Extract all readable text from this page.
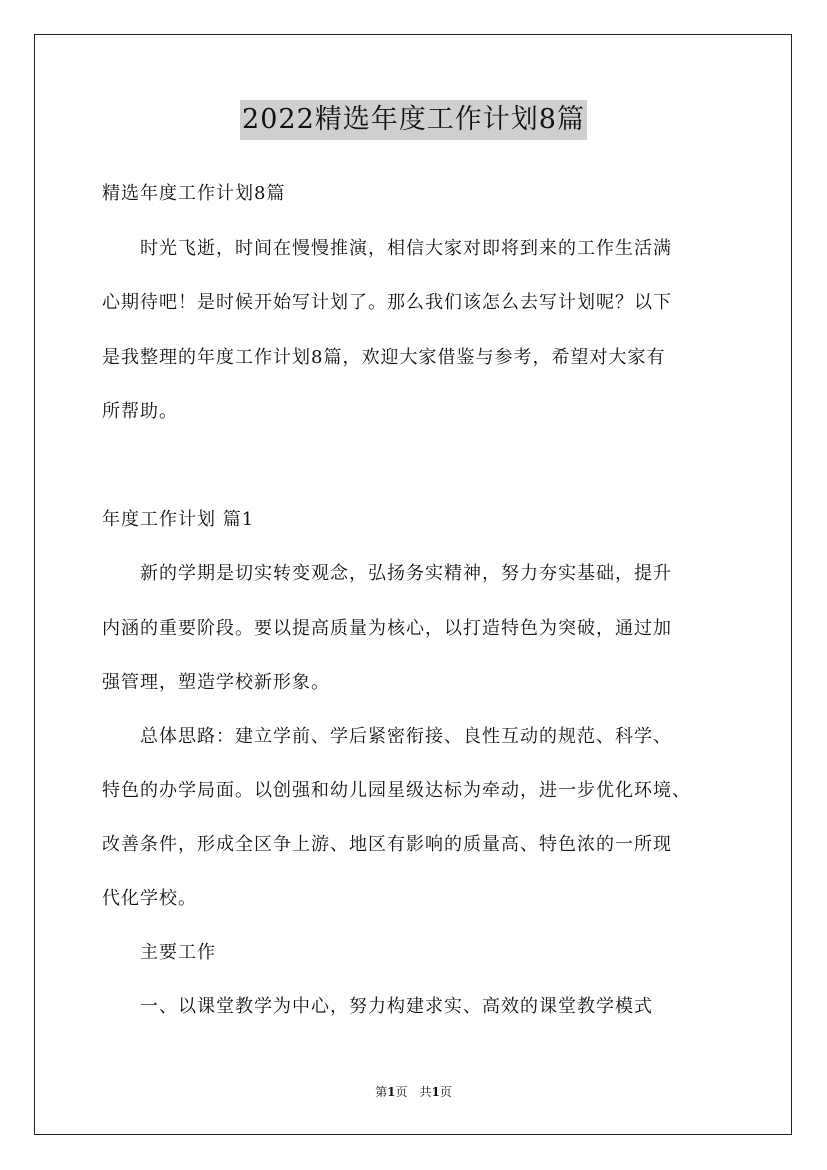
2022精选年度工作计划8篇

精选年度工作计划8篇

　　时光飞逝，时间在慢慢推演，相信大家对即将到来的工作生活满

心期待吧！是时候开始写计划了。那么我们该怎么去写计划呢？以下

是我整理的年度工作计划8篇，欢迎大家借鉴与参考，希望对大家有

所帮助。

年度工作计划 篇1

　　新的学期是切实转变观念，弘扬务实精神，努力夯实基础，提升

内涵的重要阶段。要以提高质量为核心，以打造特色为突破，通过加

强管理，塑造学校新形象。

　　总体思路：建立学前、学后紧密衔接、良性互动的规范、科学、

特色的办学局面。以创强和幼儿园星级达标为牵动，进一步优化环境、

改善条件，形成全区争上游、地区有影响的质量高、特色浓的一所现

代化学校。

　　主要工作

　　一、以课堂教学为中心，努力构建求实、高效的课堂教学模式

第1页　共1页
